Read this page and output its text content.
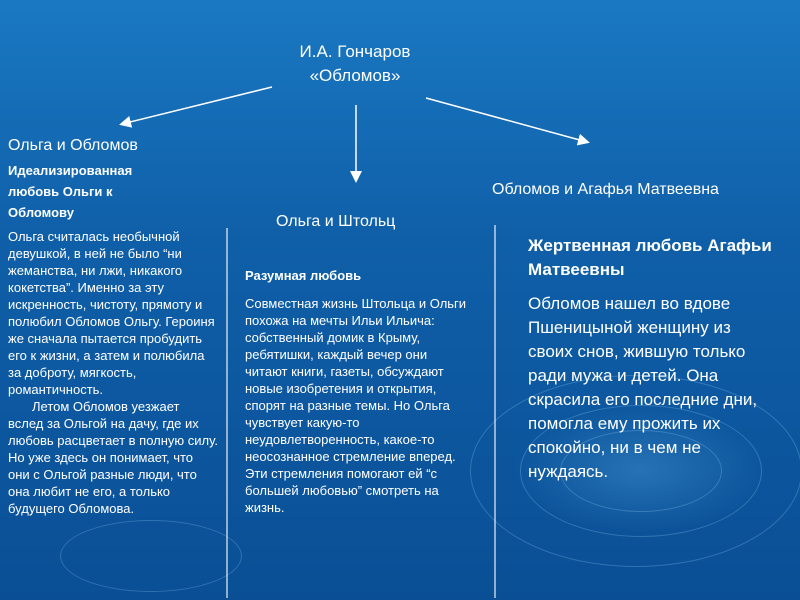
И.А. Гончаров
«Обломов»
Ольга и Обломов
Идеализированная любовь Ольги к Обломову
Ольга считалась необычной девушкой, в ней не было “ни жеманства, ни лжи, никакого кокетства”. Именно за эту искренность, чистоту, прямоту и полюбил Обломов Ольгу. Героиня же сначала пытается пробудить его к жизни, а затем и полюбила за доброту, мягкость, романтичность.
Летом Обломов уезжает вслед за Ольгой на дачу, где их любовь расцветает в полную силу. Но уже здесь он понимает, что они с Ольгой разные люди, что она любит не его, а только будущего Обломова.
Ольга и Штольц
Разумная любовь
Совместная жизнь Штольца и Ольги похожа на мечты Ильи Ильича: собственный домик в Крыму, ребятишки, каждый вечер они читают книги, газеты, обсуждают новые изобретения и открытия, спорят на разные темы. Но Ольга чувствует какую-то неудовлетворенность, какое-то неосознанное стремление вперед. Эти стремления помогают ей “с большей любовью” смотреть на жизнь.
Обломов и Агафья Матвеевна
Жертвенная любовь Агафьи Матвеевны
Обломов нашел во вдове Пшеницыной женщину из своих снов, жившую только ради мужа и детей. Она скрасила его последние дни, помогла ему прожить их спокойно, ни в чем не нуждаясь.
